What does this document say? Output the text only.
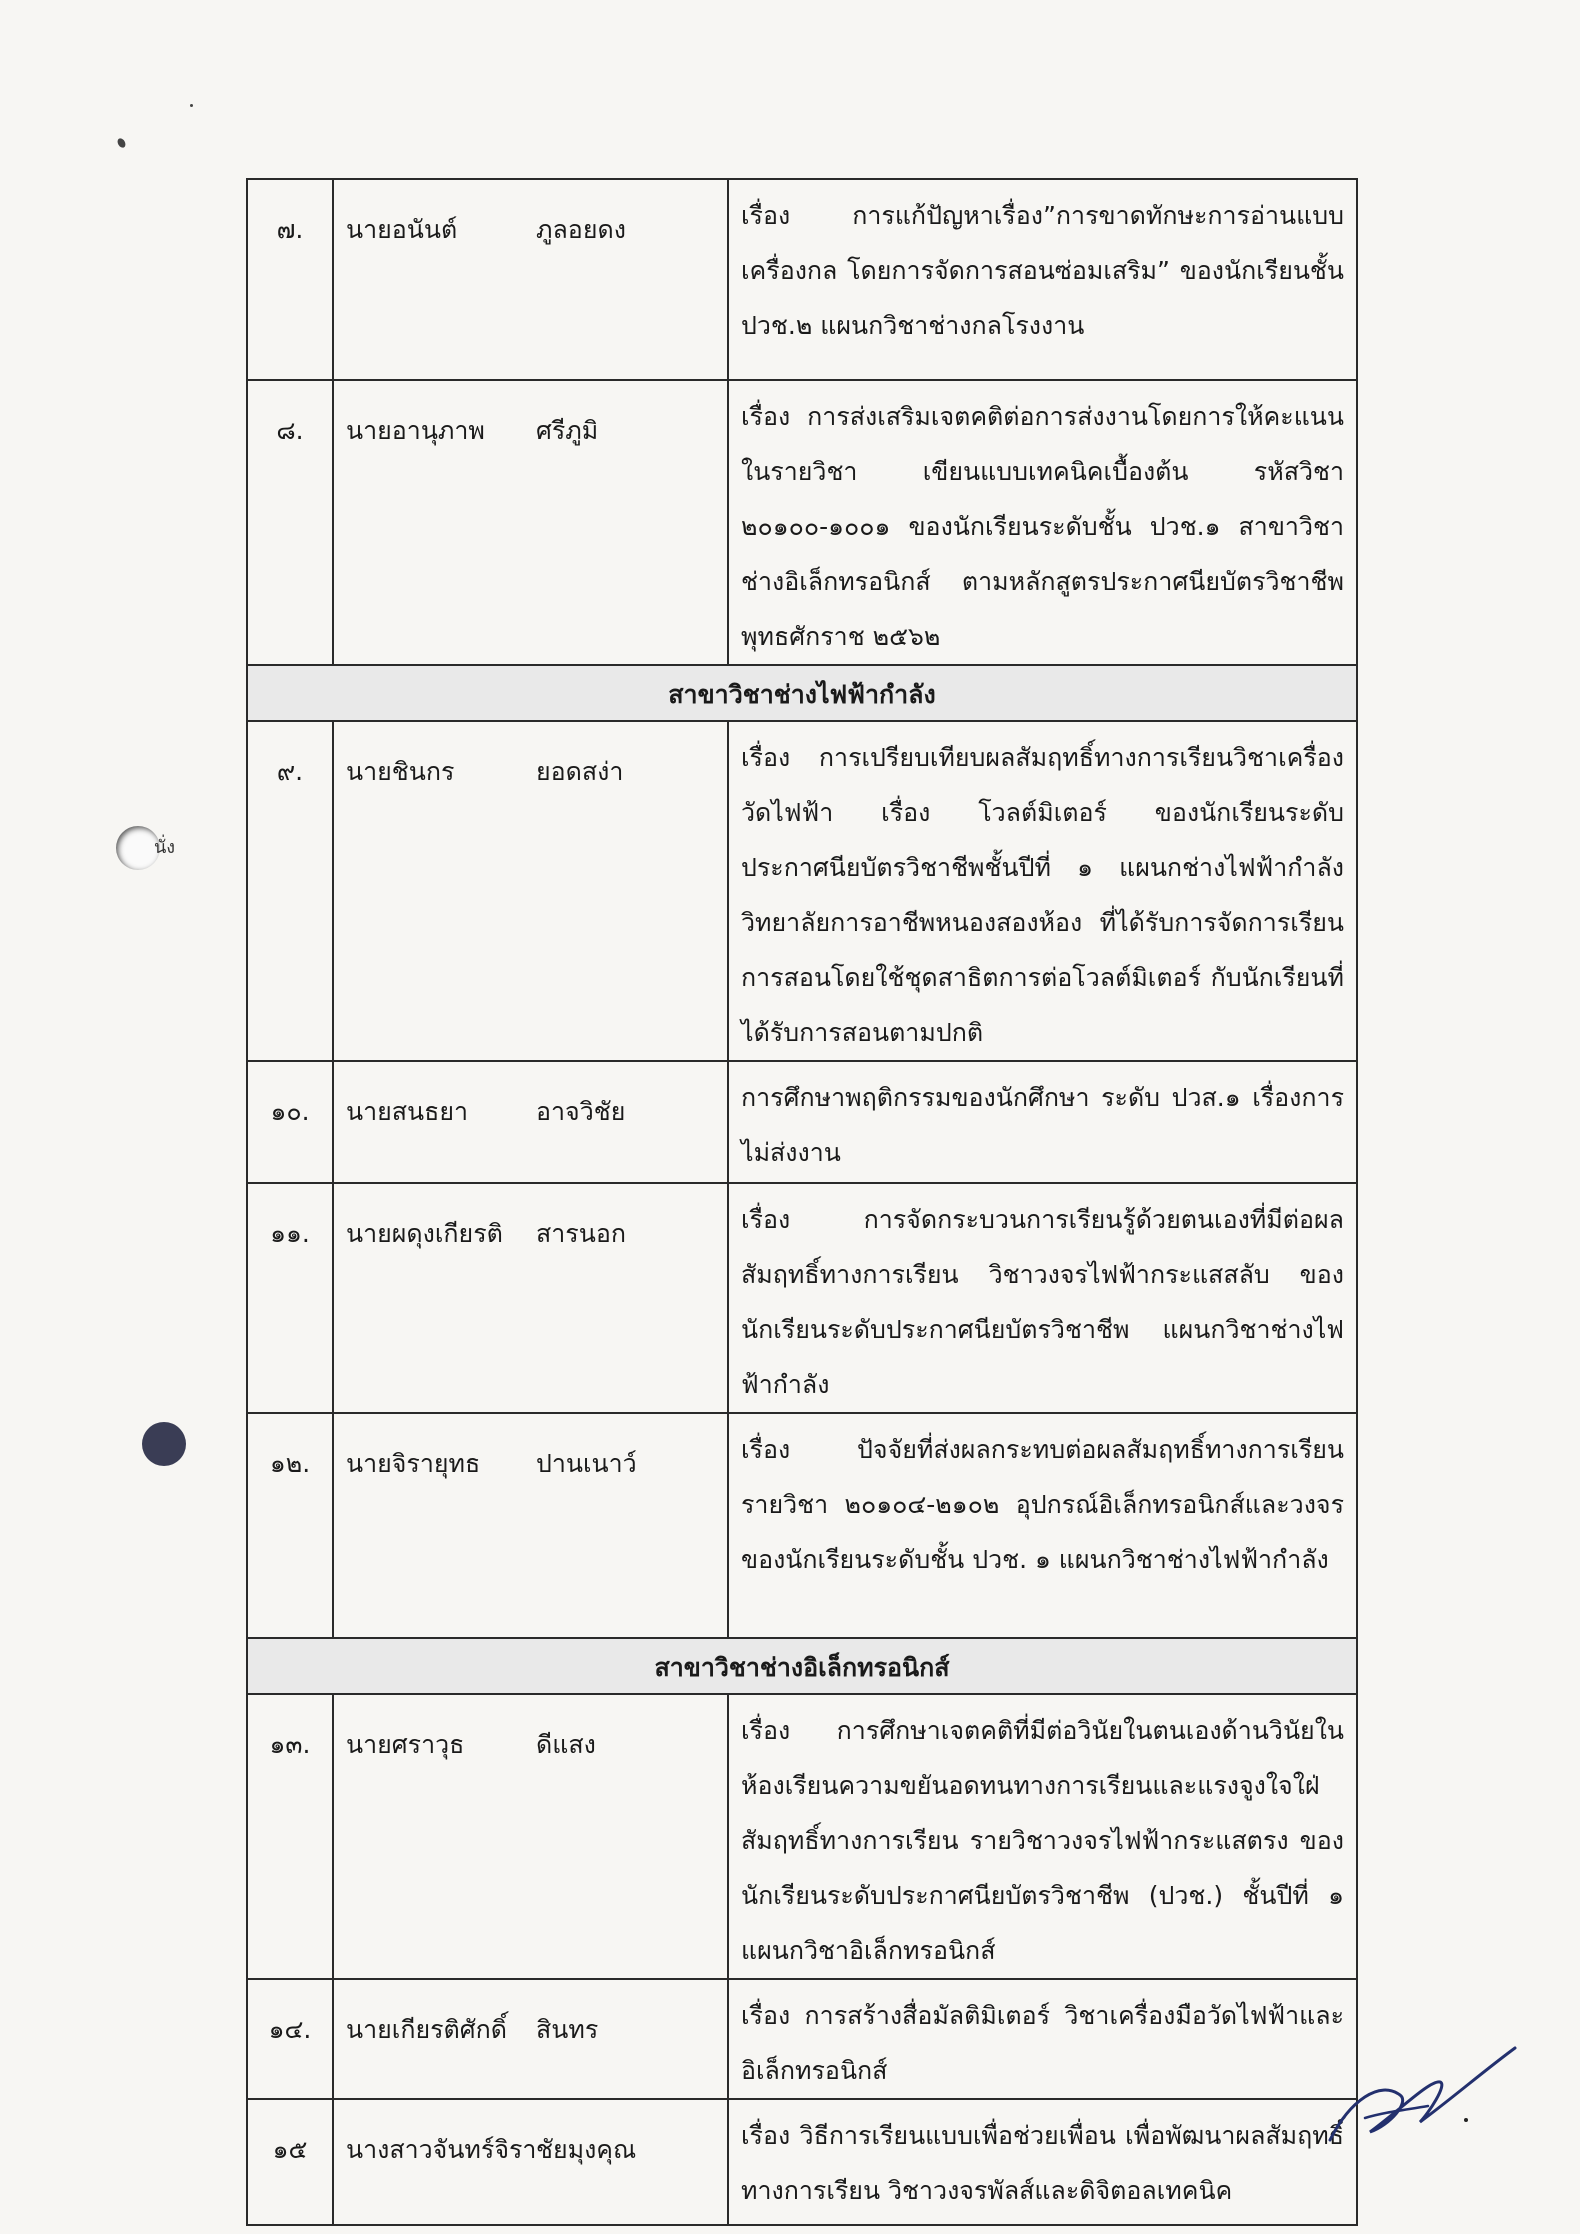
นั่ง
๗.	นายอนันต์ ภูลอยดง	เรื่อง การแก้ปัญหาเรื่อง”การขาดทักษะการอ่านแบบเครื่องกล โดยการจัดการสอนซ่อมเสริม” ของนักเรียนชั้น ปวช.๒ แผนกวิชาช่างกลโรงงาน
๘.	นายอานุภาพ ศรีภูมิ	เรื่อง การส่งเสริมเจตคติต่อการส่งงานโดยการให้คะแนนในรายวิชา เขียนแบบเทคนิคเบื้องต้น รหัสวิชา ๒๐๑๐๐-๑๐๐๑ ของนักเรียนระดับชั้น ปวช.๑ สาขาวิชาช่างอิเล็กทรอนิกส์ ตามหลักสูตรประกาศนียบัตรวิชาชีพ พุทธศักราช ๒๕๖๒
สาขาวิชาช่างไฟฟ้ากำลัง		
๙.	นายชินกร ยอดสง่า	เรื่อง การเปรียบเทียบผลสัมฤทธิ์ทางการเรียนวิชาเครื่องวัดไฟฟ้า เรื่อง โวลต์มิเตอร์ ของนักเรียนระดับประกาศนียบัตรวิชาชีพชั้นปีที่ ๑ แผนกช่างไฟฟ้ากำลัง วิทยาลัยการอาชีพหนองสองห้อง ที่ได้รับการจัดการเรียนการสอนโดยใช้ชุดสาธิตการต่อโวลต์มิเตอร์ กับนักเรียนที่ได้รับการสอนตามปกติ
๑๐.	นายสนธยา อาจวิชัย	การศึกษาพฤติกรรมของนักศึกษา ระดับ ปวส.๑ เรื่องการไม่ส่งงาน
๑๑.	นายผดุงเกียรติ สารนอก	เรื่อง การจัดกระบวนการเรียนรู้ด้วยตนเองที่มีต่อผลสัมฤทธิ์ทางการเรียน วิชาวงจรไฟฟ้ากระแสสลับ ของนักเรียนระดับประกาศนียบัตรวิชาชีพ แผนกวิชาช่างไฟฟ้ากำลัง
๑๒.	นายจิรายุทธ ปานเนาว์	เรื่อง ปัจจัยที่ส่งผลกระทบต่อผลสัมฤทธิ์ทางการเรียนรายวิชา ๒๐๑๐๔-๒๑๐๒ อุปกรณ์อิเล็กทรอนิกส์และวงจรของนักเรียนระดับชั้น ปวช. ๑ แผนกวิชาช่างไฟฟ้ากำลัง
สาขาวิชาช่างอิเล็กทรอนิกส์		
๑๓.	นายศราวุธ ดีแสง	เรื่อง การศึกษาเจตคติที่มีต่อวินัยในตนเองด้านวินัยในห้องเรียนความขยันอดทนทางการเรียนและแรงจูงใจใฝ่สัมฤทธิ์ทางการเรียน รายวิชาวงจรไฟฟ้ากระแสตรง ของนักเรียนระดับประกาศนียบัตรวิชาชีพ (ปวช.) ชั้นปีที่ ๑ แผนกวิชาอิเล็กทรอนิกส์
๑๔.	นายเกียรติศักดิ์ สินทร	เรื่อง การสร้างสื่อมัลติมิเตอร์ วิชาเครื่องมือวัดไฟฟ้าและอิเล็กทรอนิกส์
๑๕	นางสาวจันทร์จิราชัยมุงคุณ	เรื่อง วิธีการเรียนแบบเพื่อช่วยเพื่อน เพื่อพัฒนาผลสัมฤทธิ์ทางการเรียน วิชาวงจรพัลส์และดิจิตอลเทคนิค
